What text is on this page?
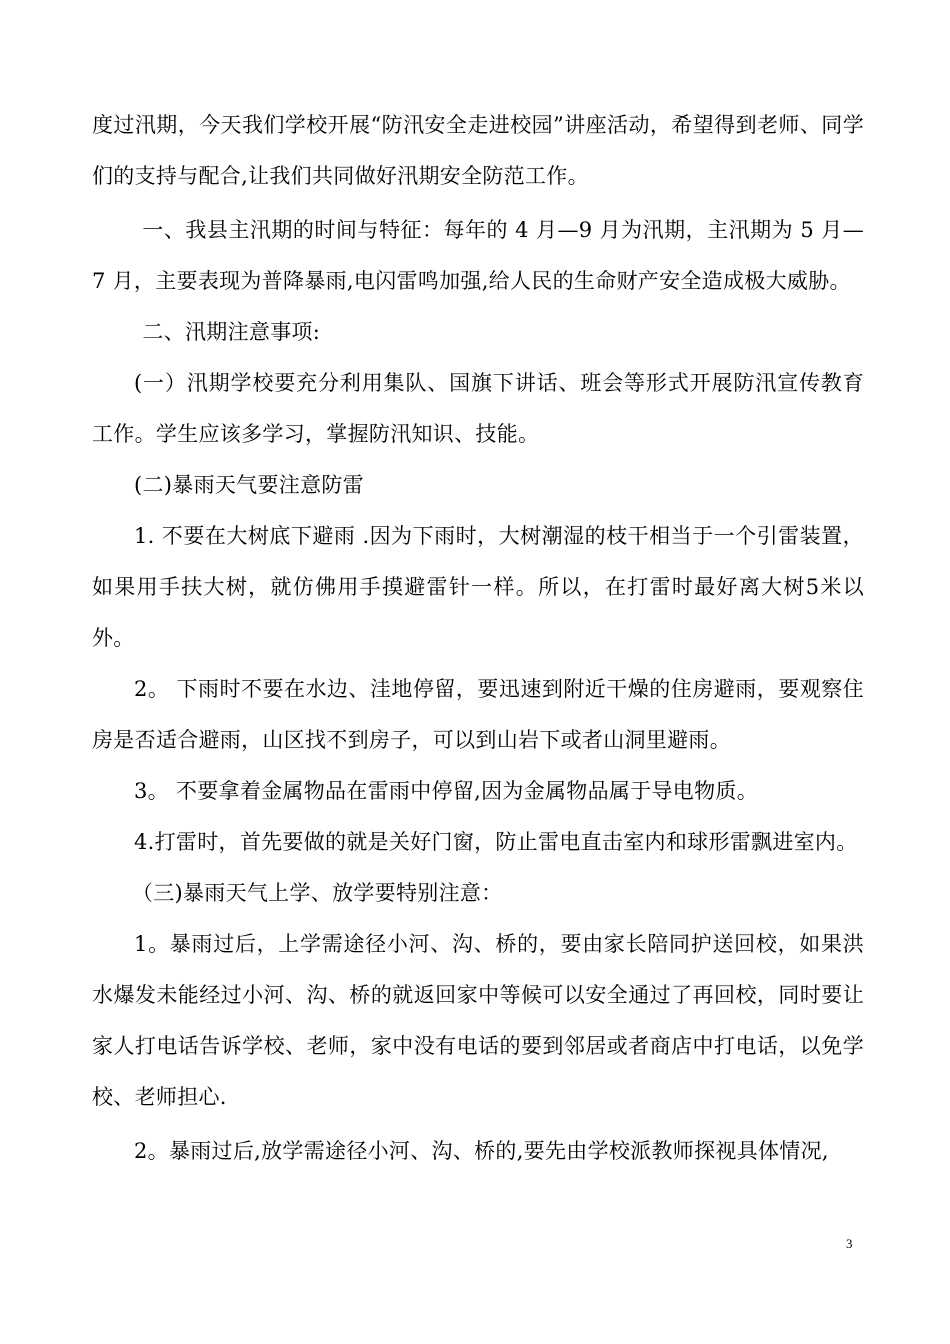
度过汛期，今天我们学校开展“防汛安全走进校园”讲座活动，希望得到老师、同学们的支持与配合,让我们共同做好汛期安全防范工作。

一、我县主汛期的时间与特征：每年的 4 月—9 月为汛期，主汛期为 5 月—7 月，主要表现为普降暴雨,电闪雷鸣加强,给人民的生命财产安全造成极大威胁。

二、汛期注意事项:

(一）汛期学校要充分利用集队、国旗下讲话、班会等形式开展防汛宣传教育工作。学生应该多学习，掌握防汛知识、技能。

(二)暴雨天气要注意防雷

1. 不要在大树底下避雨 .因为下雨时，大树潮湿的枝干相当于一个引雷装置，如果用手扶大树，就仿佛用手摸避雷针一样。所以，在打雷时最好离大树5米以外。

2。 下雨时不要在水边、洼地停留，要迅速到附近干燥的住房避雨，要观察住房是否适合避雨，山区找不到房子，可以到山岩下或者山洞里避雨。

3。 不要拿着金属物品在雷雨中停留,因为金属物品属于导电物质。

4.打雷时，首先要做的就是关好门窗，防止雷电直击室内和球形雷飘进室内。

（三)暴雨天气上学、放学要特别注意：

1。暴雨过后，上学需途径小河、沟、桥的，要由家长陪同护送回校，如果洪水爆发未能经过小河、沟、桥的就返回家中等候可以安全通过了再回校，同时要让家人打电话告诉学校、老师，家中没有电话的要到邻居或者商店中打电话，以免学校、老师担心.

2。暴雨过后,放学需途径小河、沟、桥的,要先由学校派教师探视具体情况,

3
